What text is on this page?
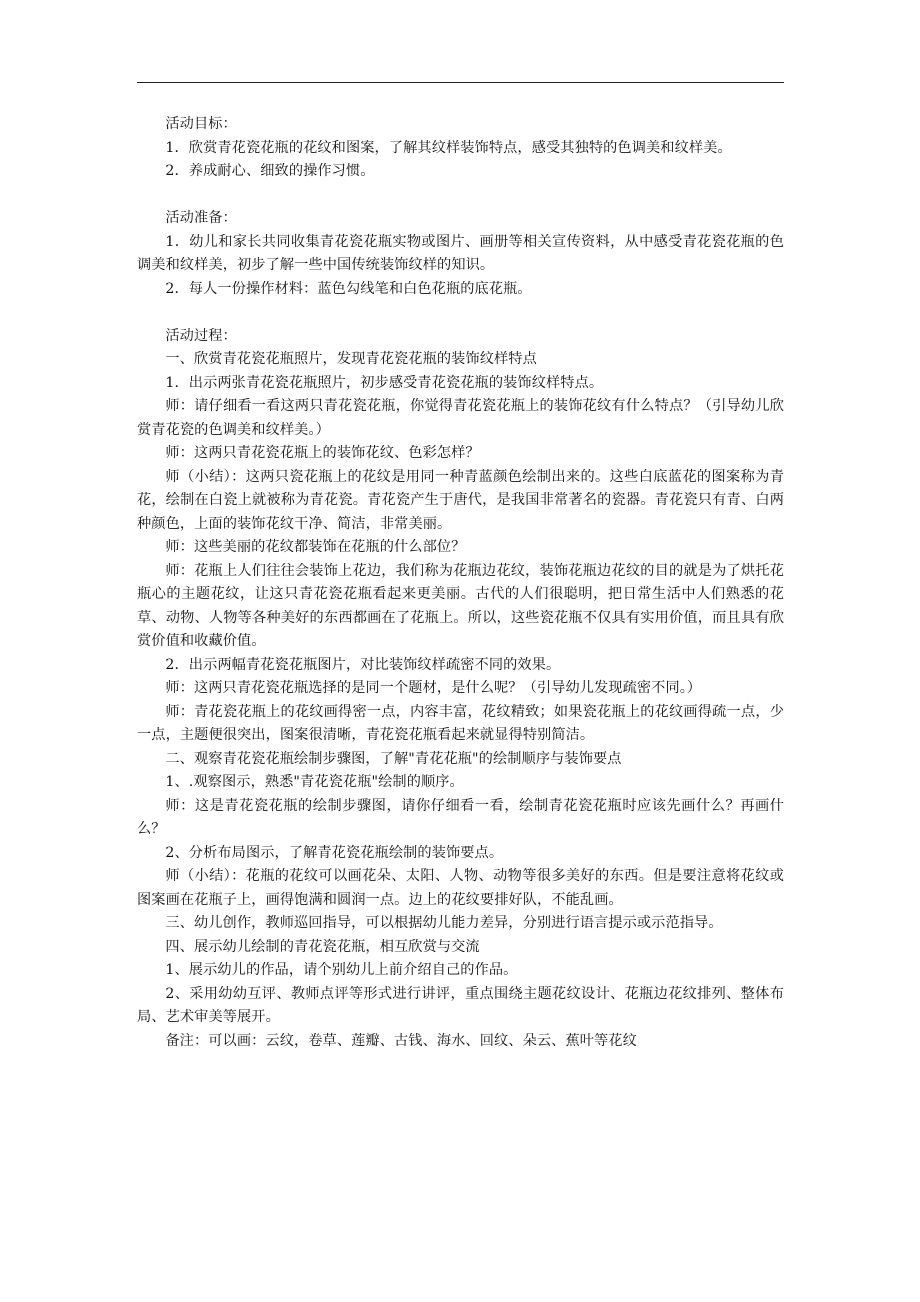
活动目标：

1．欣赏青花瓷花瓶的花纹和图案，了解其纹样装饰特点，感受其独特的色调美和纹样美。

2．养成耐心、细致的操作习惯。

活动准备：

1．幼儿和家长共同收集青花瓷花瓶实物或图片、画册等相关宣传资料，从中感受青花瓷花瓶的色调美和纹样美，初步了解一些中国传统装饰纹样的知识。

2．每人一份操作材料：蓝色勾线笔和白色花瓶的底花瓶。

活动过程：

一、欣赏青花瓷花瓶照片，发现青花瓷花瓶的装饰纹样特点

1．出示两张青花瓷花瓶照片，初步感受青花瓷花瓶的装饰纹样特点。

师：请仔细看一看这两只青花瓷花瓶，你觉得青花瓷花瓶上的装饰花纹有什么特点？（引导幼儿欣赏青花瓷的色调美和纹样美。）

师：这两只青花瓷花瓶上的装饰花纹、色彩怎样？

师（小结）：这两只瓷花瓶上的花纹是用同一种青蓝颜色绘制出来的。这些白底蓝花的图案称为青花，绘制在白瓷上就被称为青花瓷。青花瓷产生于唐代，是我国非常著名的瓷器。青花瓷只有青、白两种颜色，上面的装饰花纹干净、简洁，非常美丽。

师：这些美丽的花纹都装饰在花瓶的什么部位？

师：花瓶上人们往往会装饰上花边，我们称为花瓶边花纹，装饰花瓶边花纹的目的就是为了烘托花瓶心的主题花纹，让这只青花瓷花瓶看起来更美丽。古代的人们很聪明，把日常生活中人们熟悉的花草、动物、人物等各种美好的东西都画在了花瓶上。所以，这些瓷花瓶不仅具有实用价值，而且具有欣赏价值和收藏价值。

2．出示两幅青花瓷花瓶图片，对比装饰纹样疏密不同的效果。

师：这两只青花瓷花瓶选择的是同一个题材，是什么呢？（引导幼儿发现疏密不同。）

师：青花瓷花瓶上的花纹画得密一点，内容丰富，花纹精致；如果瓷花瓶上的花纹画得疏一点，少一点，主题便很突出，图案很清晰，青花瓷花瓶看起来就显得特别简洁。

二、观察青花瓷花瓶绘制步骤图，了解"青花花瓶"的绘制顺序与装饰要点

1、.观察图示，熟悉"青花瓷花瓶"绘制的顺序。

师：这是青花瓷花瓶的绘制步骤图，请你仔细看一看，绘制青花瓷花瓶时应该先画什么？再画什么？

2、分析布局图示，了解青花瓷花瓶绘制的装饰要点。

师（小结）：花瓶的花纹可以画花朵、太阳、人物、动物等很多美好的东西。但是要注意将花纹或图案画在花瓶子上，画得饱满和圆润一点。边上的花纹要排好队，不能乱画。

三、幼儿创作，教师巡回指导，可以根据幼儿能力差异，分别进行语言提示或示范指导。

四、展示幼儿绘制的青花瓷花瓶，相互欣赏与交流

1、展示幼儿的作品，请个别幼儿上前介绍自己的作品。

2、采用幼幼互评、教师点评等形式进行讲评，重点围绕主题花纹设计、花瓶边花纹排列、整体布局、艺术审美等展开。

备注：可以画：云纹，卷草、莲瓣、古钱、海水、回纹、朵云、蕉叶等花纹
